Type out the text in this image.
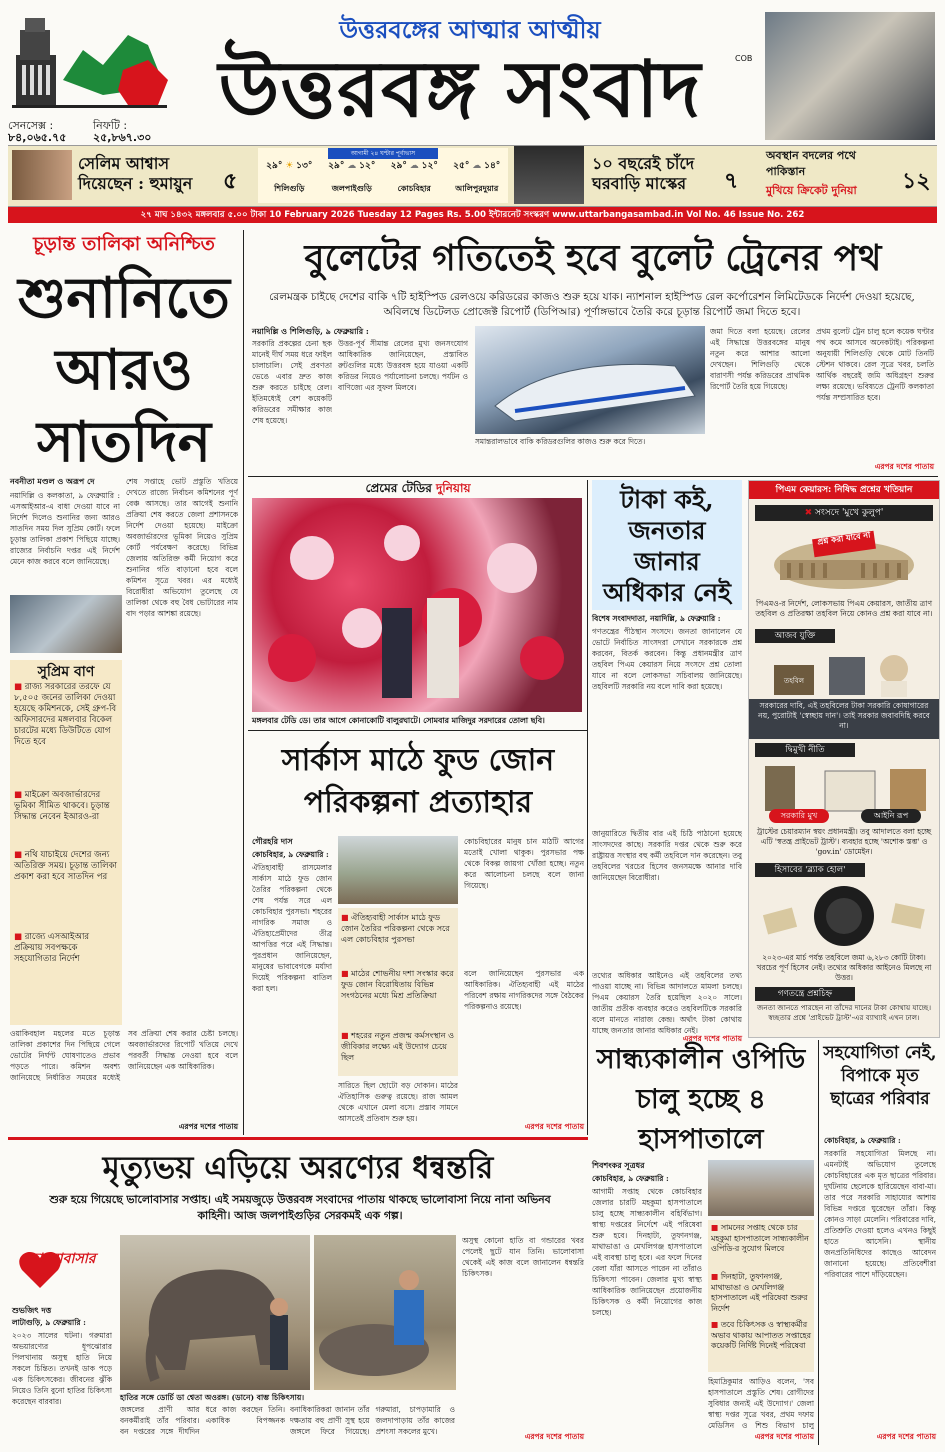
উত্তরবঙ্গের আত্মার আত্মীয়
উত্তরবঙ্গ সংবাদ	COB
সেনসেক্স :
৮৪,০৬৫.৭৫
নিফটি :
২৫,৮৬৭.৩০
সেলিম আশ্বাস দিয়েছেন : হুমায়ুন	৫
আগামী ২৪ ঘণ্টার পূর্বাভাস
২৯° ☀ ১৩°
শিলিগুড়ি
২৯° ☁ ১২°
জলপাইগুড়ি
২৯° ☁ ১২°
কোচবিহার
২৫° ☁ ১৪°
আলিপুরদুয়ার
১০ বছরেই চাঁদে ঘরবাড়ি মাস্কের	৭
অবস্থান বদলের পথে পাকিস্তান
মুখিয়ে ক্রিকেট দুনিয়া	১২
২৭ মাঘ ১৪৩২ মঙ্গলবার ৫.০০ টাকা 10 February 2026 Tuesday 12 Pages Rs. 5.00 ইন্টারনেট সংস্করণ www.uttarbangasambad.in Vol No. 46 Issue No. 262
চূড়ান্ত তালিকা অনিশ্চিত
শুনানিতে আরও সাতদিন
নবনীতা মণ্ডল ও অরূপ দে
নয়াদিল্লি ও কলকাতা, ৯ ফেব্রুয়ারি : এসআইআর-এ বাধা দেওয়া যাবে না নির্দেশ দিলেও শুনানির জন্য আরও সাতদিন সময় দিল সুপ্রিম কোর্ট। ফলে চূড়ান্ত তালিকা প্রকাশ পিছিয়ে যাচ্ছে। রাজ্যের নির্বাচনি দপ্তর এই নির্দেশ মেনে কাজ করবে বলে জানিয়েছে।
শেষ সপ্তাহে ভোট প্রস্তুতি খতিয়ে দেখতে রাজ্যে নির্বাচন কমিশনের পূর্ণ বেঞ্চ আসছে। তার আগেই শুনানি প্রক্রিয়া শেষ করতে জেলা প্রশাসনকে নির্দেশ দেওয়া হয়েছে। মাইক্রো অবজার্ভারদের ভূমিকা নিয়েও সুপ্রিম কোর্ট পর্যবেক্ষণ করেছে। বিভিন্ন জেলায় অতিরিক্ত কর্মী নিয়োগ করে শুনানির গতি বাড়ানো হবে বলে কমিশন সূত্রে খবর। এর মধ্যেই বিরোধীরা অভিযোগ তুলেছে যে তালিকা থেকে বহু বৈধ ভোটারের নাম বাদ পড়ার আশঙ্কা রয়েছে।
সুপ্রিম বাণ
■ রাজ্য সরকারের তরফে যে ৮,৫০৫ জনের তালিকা দেওয়া হয়েছে কমিশনকে, সেই গ্রুপ-বি অফিসারদের মঙ্গলবার বিকেল চারটের মধ্যে ডিউটিতে যোগ দিতে হবে
■ মাইক্রো অবজার্ভারদের ভূমিকা সীমিত থাকবে। চূড়ান্ত সিদ্ধান্ত নেবেন ইআরও-রা
■ নথি যাচাইয়ে দেশের জন্য অতিরিক্ত সময়। চূড়ান্ত তালিকা প্রকাশ করা হবে সাতদিন পর
■ রাজ্যে এসআইআর প্রক্রিয়ায় সবপক্ষকে সহযোগিতার নির্দেশ
ওয়াকিবহাল মহলের মতে চূড়ান্ত তালিকা প্রকাশের দিন পিছিয়ে গেলে ভোটের নির্ঘণ্ট ঘোষণাতেও প্রভাব পড়তে পারে। কমিশন অবশ্য জানিয়েছে নির্ধারিত সময়ের মধ্যেই সব প্রক্রিয়া শেষ করার চেষ্টা চলছে। অবজার্ভারদের রিপোর্ট খতিয়ে দেখে পরবর্তী সিদ্ধান্ত নেওয়া হবে বলে জানিয়েছেন এক আধিকারিক।
এরপর দশের পাতায়
বুলেটের গতিতেই হবে বুলেট ট্রেনের পথ
রেলমন্ত্রক চাইছে দেশের বাকি ৭টি হাইস্পিড রেলওয়ে করিডরের কাজও শুরু হয়ে যাক। ন্যাশনাল হাইস্পিড রেল কর্পোরেশন লিমিটেডকে নির্দেশ দেওয়া হয়েছে, অবিলম্বে ডিটেলড প্রোজেক্ট রিপোর্ট (ডিপিআর) পূর্ণাঙ্গভাবে তৈরি করে চূড়ান্ত রিপোর্ট জমা দিতে হবে।
নয়াদিল্লি ও শিলিগুড়ি, ৯ ফেব্রুয়ারি :
সরকারি প্রকল্পের চেনা ছক মানেই দীর্ঘ সময় ধরে ফাইল চালাচালি। সেই প্রবণতা ভেঙে এবার দ্রুত কাজ শুরু করতে চাইছে রেল। ইতিমধ্যেই বেশ কয়েকটি করিডরের সমীক্ষার কাজ শেষ হয়েছে।
উত্তর-পূর্ব সীমান্ত রেলের মুখ্য জনসংযোগ আধিকারিক জানিয়েছেন, প্রস্তাবিত রুটগুলির মধ্যে উত্তরবঙ্গ হয়ে যাওয়া একটি করিডর নিয়েও পর্যালোচনা চলছে। পর্যটন ও বাণিজ্যে এর সুফল মিলবে।
সমান্তরালভাবে বাকি করিডরগুলির কাজও শুরু করে দিতে।
জমা দিতে বলা হয়েছে। রেলের এই সিদ্ধান্তে উত্তরবঙ্গের মানুষ নতুন করে আশার আলো দেখছেন। শিলিগুড়ি থেকে বারাণসী পর্যন্ত করিডরের প্রাথমিক রিপোর্ট তৈরি হয়ে গিয়েছে।
প্রথম বুলেট ট্রেন চালু হলে কয়েক ঘণ্টার পথ কমে আসবে অনেকটাই। পরিকল্পনা অনুযায়ী শিলিগুড়ি থেকে মোট তিনটি স্টেশন থাকবে। রেল সূত্রে খবর, চলতি আর্থিক বছরেই জমি অধিগ্রহণ শুরুর লক্ষ্য রয়েছে। ভবিষ্যতে ট্রেনটি কলকাতা পর্যন্ত সম্প্রসারিত হবে।
এরপর দশের পাতায়
প্রেমের টেডির দুনিয়ায়
মঙ্গলবার টেডি ডে। তার আগে কোনাকোটি বালুরঘাটে। সোমবার মাজিদুর সরদারের তোলা ছবি।
সার্কাস মাঠে ফুড জোন পরিকল্পনা প্রত্যাহার
গৌরহরি দাস
কোচবিহার, ৯ ফেব্রুয়ারি :
ঐতিহ্যবাহী রাসমেলার সার্কাস মাঠে ফুড জোন তৈরির পরিকল্পনা থেকে শেষ পর্যন্ত সরে এল কোচবিহার পুরসভা। শহরের নাগরিক সমাজ ও ঐতিহ্যপ্রেমীদের তীব্র আপত্তির পরে এই সিদ্ধান্ত। পুরপ্রধান জানিয়েছেন, মানুষের ভাবাবেগকে মর্যাদা দিয়েই পরিকল্পনা বাতিল করা হল।
■ ঐতিহ্যবাহী সার্কাস মাঠে ফুড জোন তৈরির পরিকল্পনা থেকে সরে এল কোচবিহার পুরসভা
■ মাঠের শোভনীয় দশা সংস্কার করে ফুড জোন বিরোধিতায় বিভিন্ন সংগঠনের মধ্যে মিশ্র প্রতিক্রিয়া
■ শহরের নতুন প্রজন্ম কর্মসংস্থান ও জীবিকার লক্ষ্যে এই উদ্যোগ চেয়ে ছিল
সারিতে ছিল ছোটো বড় দোকান। মাঠের ঐতিহাসিক গুরুত্ব রয়েছে। রাজ আমল থেকে এখানে মেলা বসে। প্রস্তাব সামনে আসতেই প্রতিবাদ শুরু হয়।
কোচবিহারের মানুষ চান মাঠটি আগের মতোই খোলা থাকুক। পুরসভার পক্ষ থেকে বিকল্প জায়গা খোঁজা হচ্ছে। নতুন করে আলোচনা চলছে বলে জানা গিয়েছে।
বলে জানিয়েছেন পুরসভার এক আধিকারিক। ঐতিহ্যবাহী এই মাঠের পরিবেশ রক্ষায় নাগরিকদের সঙ্গে বৈঠকের পরিকল্পনাও রয়েছে।
এরপর দশের পাতায়
টাকা কই, জনতার জানার অধিকার নেই
বিশেষ সংবাদদাতা, নয়াদিল্লি, ৯ ফেব্রুয়ারি :
গণতন্ত্রের পীঠস্থান সংসদে। জনতা জানালেন যে ভোটে নির্বাচিত সাংসদরা সেখানে সরকারকে প্রশ্ন করবেন, বিতর্ক করবেন। কিন্তু প্রধানমন্ত্রীর ত্রাণ তহবিল পিএম কেয়ারস নিয়ে সংসদে প্রশ্ন তোলা যাবে না বলে লোকসভা সচিবালয় জানিয়েছে। তহবিলটি সরকারি নয় বলে দাবি করা হয়েছে।
জানুয়ারিতে দ্বিতীয় বার এই চিঠি পাঠানো হয়েছে সাংসদদের কাছে। সরকারি দপ্তর থেকে শুরু করে রাষ্ট্রায়ত্ত সংস্থার বহু কর্মী তহবিলে দান করেছেন। তবু তহবিলের খরচের হিসেব জনসমক্ষে আনার দাবি জানিয়েছেন বিরোধীরা।
তথ্যের অধিকার আইনেও এই তহবিলের তথ্য পাওয়া যাচ্ছে না। বিভিন্ন আদালতে মামলা চলছে। পিএম কেয়ারস তৈরি হয়েছিল ২০২০ সালে। জাতীয় প্রতীক ব্যবহার করেও তহবিলটিকে সরকারি বলে মানতে নারাজ কেন্দ্র। অর্থাৎ টাকা কোথায় যাচ্ছে জনতার জানার অধিকার নেই।
এরপর দশের পাতায়
পিএম কেয়ারস: নিষিদ্ধ প্রশ্নের খতিয়ান
✖ সংসদে 'মুখে কুলুপ'
প্রশ্ন করা যাবে না
পিএমও-র নির্দেশ, লোকসভায় পিএম কেয়ারস, জাতীয় ত্রাণ তহবিল ও প্রতিরক্ষা তহবিল নিয়ে কোনও প্রশ্ন করা যাবে না।
আজব যুক্তি
তহবিল
সরকারের দাবি, এই তহবিলের টাকা সরকারি কোষাগারের নয়, পুরোটাই 'স্বেচ্ছায় দান'। তাই সরকার জবাবদিহি করবে না।
দ্বিমুখী নীতি
সরকারি মুখ	আইনি রূপ
ট্রাস্টের চেয়ারম্যান স্বয়ং প্রধানমন্ত্রী। তবু আদালতে বলা হচ্ছে এটি 'স্বতন্ত্র প্রাইভেট ট্রাস্ট'। ব্যবহার হচ্ছে 'অশোক স্তম্ভ' ও 'gov.in' ডোমেইন।
হিসাবের 'ব্ল্যাক হোল'
২০২৩-এর মার্চ পর্যন্ত তহবিলে জমা ৬,২৮৩ কোটি টাকা। খরচের পূর্ণ হিসেব নেই। তথ্যের অধিকার আইনেও মিলছে না উত্তর।
গণতন্ত্রে প্রশ্নচিহ্ন
জনতা জানতে পারছেন না তাঁদের দানের টাকা কোথায় যাচ্ছে। স্বচ্ছতার প্রশ্নে 'প্রাইভেট ট্রাস্ট'-এর ব্যাখ্যাই এখন ঢাল।
সান্ধ্যকালীন ওপিডি চালু হচ্ছে ৪ হাসপাতালে
শিবশংকর সূত্রধর
কোচবিহার, ৯ ফেব্রুয়ারি :
আগামী সপ্তাহ থেকে কোচবিহার জেলার চারটি মহকুমা হাসপাতালে চালু হচ্ছে সান্ধ্যকালীন বহির্বিভাগ। স্বাস্থ্য দপ্তরের নির্দেশে এই পরিষেবা শুরু হবে। দিনহাটা, তুফানগঞ্জ, মাথাভাঙা ও মেখলিগঞ্জ হাসপাতালে এই ব্যবস্থা চালু হবে। এর ফলে দিনের বেলা যাঁরা আসতে পারেন না তাঁরাও চিকিৎসা পাবেন। জেলার মুখ্য স্বাস্থ্য আধিকারিক জানিয়েছেন প্রয়োজনীয় চিকিৎসক ও কর্মী নিয়োগের কাজ চলছে।
■ সামনের সপ্তাহ থেকে চার মহকুমা হাসপাতালে সান্ধ্যকালীন ওপিডি-র সুযোগ মিলবে
■ দিনহাটা, তুফানগঞ্জ, মাথাভাঙা ও মেখলিগঞ্জ হাসপাতালে এই পরিষেবা শুরুর নির্দেশ
■ তবে চিকিৎসক ও স্বাস্থ্যকর্মীর অভাব থাকায় আপাতত সপ্তাহের কয়েকটি নির্দিষ্ট দিনেই পরিষেবা
হিমাদ্রিকুমার আড়িও বলেন, 'সব হাসপাতালে প্রস্তুতি শেষ। রোগীদের সুবিধার জন্যই এই উদ্যোগ।' জেলা স্বাস্থ্য দপ্তর সূত্রে খবর, প্রথম দফায় মেডিসিন ও শিশু বিভাগ চালু
এরপর দশের পাতায়
সহযোগিতা নেই, বিপাকে মৃত ছাত্রের পরিবার
কোচবিহার, ৯ ফেব্রুয়ারি :
সরকারি সহযোগিতা মিলছে না। এমনটাই অভিযোগ তুলেছে কোচবিহারের এক মৃত ছাত্রের পরিবার। দুর্ঘটনায় ছেলেকে হারিয়েছেন বাবা-মা। তার পরে সরকারি সাহায্যের আশায় বিভিন্ন দপ্তরে ঘুরেছেন তাঁরা। কিন্তু কোনও সাড়া মেলেনি। পরিবারের দাবি, প্রতিশ্রুতি দেওয়া হলেও এখনও কিছুই হাতে আসেনি। স্থানীয় জনপ্রতিনিধিদের কাছেও আবেদন জানানো হয়েছে। প্রতিবেশীরা পরিবারের পাশে দাঁড়িয়েছেন।
এরপর দশের পাতায়
মৃত্যুভয় এড়িয়ে অরণ্যের ধন্বন্তরি
শুরু হয়ে গিয়েছে ভালোবাসার সপ্তাহ। এই সময়জুড়ে উত্তরবঙ্গ সংবাদের পাতায় থাকছে ভালোবাসা নিয়ে নানা অভিনব কাহিনী। আজ জলপাইগুড়ির সেরকমই এক গল্প।
ভালোবাসার গল্প
শুভজিৎ দত্ত
লাটাগুড়ি, ৯ ফেব্রুয়ারি :
২০২৩ সালের ঘটনা। গরুমারা অভয়ারণ্যের ধূপঝোরার পিলখানায় অসুস্থ হাতি নিয়ে সকলে চিন্তিত। তখনই ডাক পড়ে এক চিকিৎসকের। জীবনের ঝুঁকি নিয়েও তিনি বুনো হাতির চিকিৎসা করেছেন বারবার।	হাতির সঙ্গে ডোর্চি ডা শ্বেতা অওরঙ্গ। (ডানে) বাম্ভ চিকিৎসায়।
জঙ্গলের প্রাণী আর বনকর্মীরাই তাঁর পরিবার। বন দপ্তরের সঙ্গে দীর্ঘদিন ধরে কাজ করছেন তিনি। একাধিক বিপজ্জনক
বনাধিকারিকরা জানান তাঁর দক্ষতায় বহু প্রাণী সুস্থ হয়ে জঙ্গলে ফিরে গিয়েছে। গরুমারা, চাপড়ামারি ও জলদাপাড়ায় তাঁর কাজের প্রশংসা সকলের মুখে।
অসুস্থ কোনো হাতি বা গন্ডারের খবর পেলেই ছুটে যান তিনি। ভালোবাসা থেকেই এই কাজ বলে জানালেন ধন্বন্তরি চিকিৎসক।
এরপর দশের পাতায়
